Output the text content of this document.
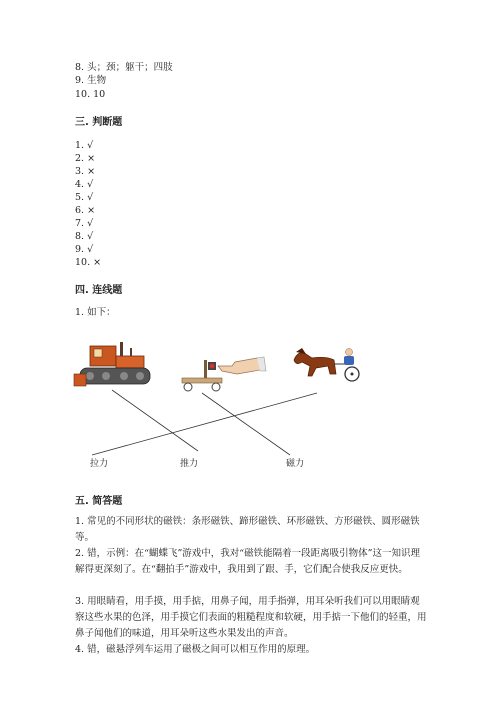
8. 头；颈；躯干；四肢
9. 生物
10. 10
三. 判断题
1. √
2. ×
3. ×
4. √
5. √
6. ×
7. √
8. √
9. √
10. ×
四. 连线题
1. 如下：
拉力	推力	磁力
五. 简答题
1. 常见的不同形状的磁铁：条形磁铁、蹄形磁铁、环形磁铁、方形磁铁、圆形磁铁等。
2. 错，示例：在“蝴蝶飞”游戏中，我对“磁铁能隔着一段距离吸引物体”这一知识理解得更深刻了。在“翻拍手”游戏中，我用到了跟、手，它们配合使我反应更快。
3. 用眼睛看，用手摸，用手掂，用鼻子闻，用手指弹，用耳朵听我们可以用眼睛观察这些水果的色泽，用手摸它们表面的粗糙程度和软硬，用手掂一下他们的轻重，用鼻子闻他们的味道，用耳朵听这些水果发出的声音。
4. 错，磁悬浮列车运用了磁极之间可以相互作用的原理。
